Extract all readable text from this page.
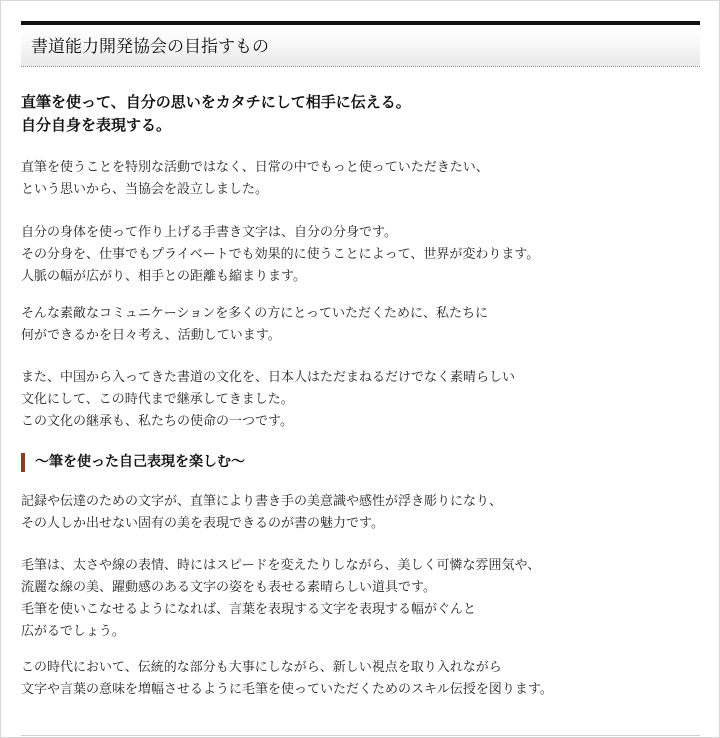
書道能力開発協会の目指すもの
直筆を使って、自分の思いをカタチにして相手に伝える。
自分自身を表現する。
直筆を使うことを特別な活動ではなく、日常の中でもっと使っていただきたい、
という思いから、当協会を設立しました。
自分の身体を使って作り上げる手書き文字は、自分の分身です。
その分身を、仕事でもプライベートでも効果的に使うことによって、世界が変わります。
人脈の幅が広がり、相手との距離も縮まります。
そんな素敵なコミュニケーションを多くの方にとっていただくために、私たちに
何ができるかを日々考え、活動しています。
また、中国から入ってきた書道の文化を、日本人はただまねるだけでなく素晴らしい
文化にして、この時代まで継承してきました。
この文化の継承も、私たちの使命の一つです。
～筆を使った自己表現を楽しむ～
記録や伝達のための文字が、直筆により書き手の美意識や感性が浮き彫りになり、
その人しか出せない固有の美を表現できるのが書の魅力です。
毛筆は、太さや線の表情、時にはスピードを変えたりしながら、美しく可憐な雰囲気や、
流麗な線の美、躍動感のある文字の姿をも表せる素晴らしい道具です。
毛筆を使いこなせるようになれば、言葉を表現する文字を表現する幅がぐんと
広がるでしょう。
この時代において、伝統的な部分も大事にしながら、新しい視点を取り入れながら
文字や言葉の意味を増幅させるように毛筆を使っていただくためのスキル伝授を図ります。
